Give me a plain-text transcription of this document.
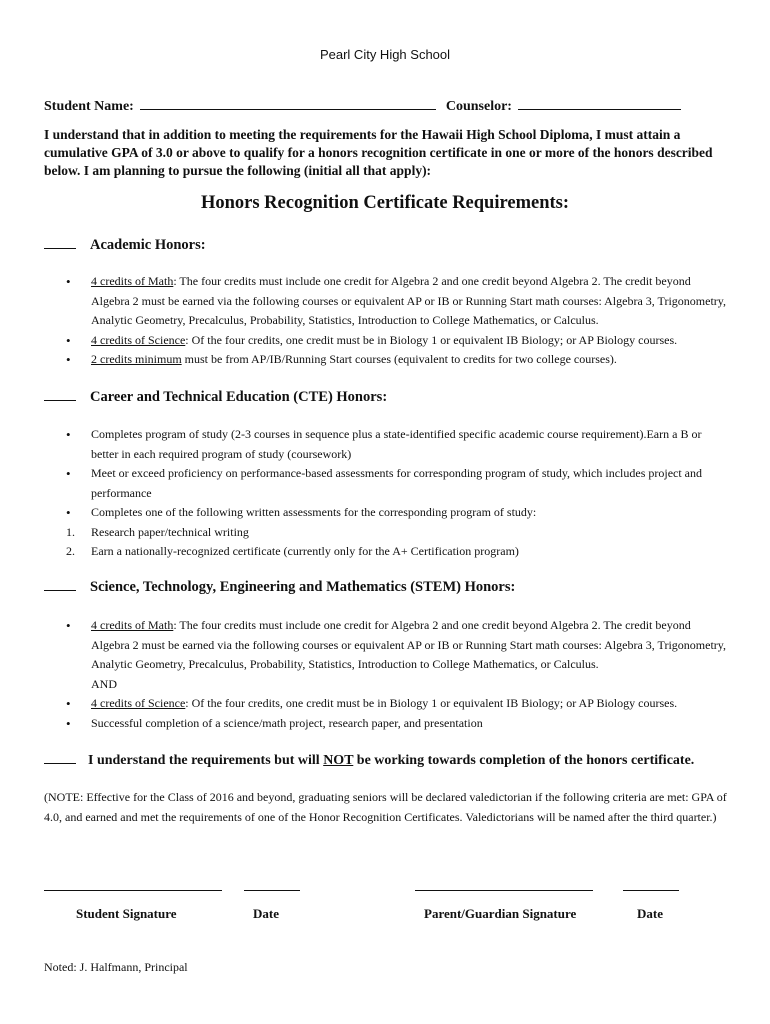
Pearl City High School
Student Name:	Counselor:
I understand that in addition to meeting the requirements for the Hawaii High School Diploma, I must attain a cumulative GPA of 3.0 or above to qualify for a honors recognition certificate in one or more of the honors described below. I am planning to pursue the following (initial all that apply):
Honors Recognition Certificate Requirements:
Academic Honors:
• 4 credits of Math: The four credits must include one credit for Algebra 2 and one credit beyond Algebra 2. The credit beyond Algebra 2 must be earned via the following courses or equivalent AP or IB or Running Start math courses: Algebra 3, Trigonometry, Analytic Geometry, Precalculus, Probability, Statistics, Introduction to College Mathematics, or Calculus.
• 4 credits of Science: Of the four credits, one credit must be in Biology 1 or equivalent IB Biology; or AP Biology courses.
• 2 credits minimum must be from AP/IB/Running Start courses (equivalent to credits for two college courses).
Career and Technical Education (CTE) Honors:
• Completes program of study (2-3 courses in sequence plus a state-identified specific academic course requirement).Earn a B or better in each required program of study (coursework)
• Meet or exceed proficiency on performance-based assessments for corresponding program of study, which includes project and performance
• Completes one of the following written assessments for the corresponding program of study:
1. Research paper/technical writing
2. Earn a nationally-recognized certificate (currently only for the A+ Certification program)
Science, Technology, Engineering and Mathematics (STEM) Honors:
• 4 credits of Math: The four credits must include one credit for Algebra 2 and one credit beyond Algebra 2. The credit beyond Algebra 2 must be earned via the following courses or equivalent AP or IB or Running Start math courses: Algebra 3, Trigonometry, Analytic Geometry, Precalculus, Probability, Statistics, Introduction to College Mathematics, or Calculus.
AND
• 4 credits of Science: Of the four credits, one credit must be in Biology 1 or equivalent IB Biology; or AP Biology courses.
• Successful completion of a science/math project, research paper, and presentation
I understand the requirements but will NOT be working towards completion of the honors certificate.
(NOTE: Effective for the Class of 2016 and beyond, graduating seniors will be declared valedictorian if the following criteria are met: GPA of 4.0, and earned and met the requirements of one of the Honor Recognition Certificates. Valedictorians will be named after the third quarter.)
Student Signature	Date	Parent/Guardian Signature	Date
Noted: J. Halfmann, Principal
